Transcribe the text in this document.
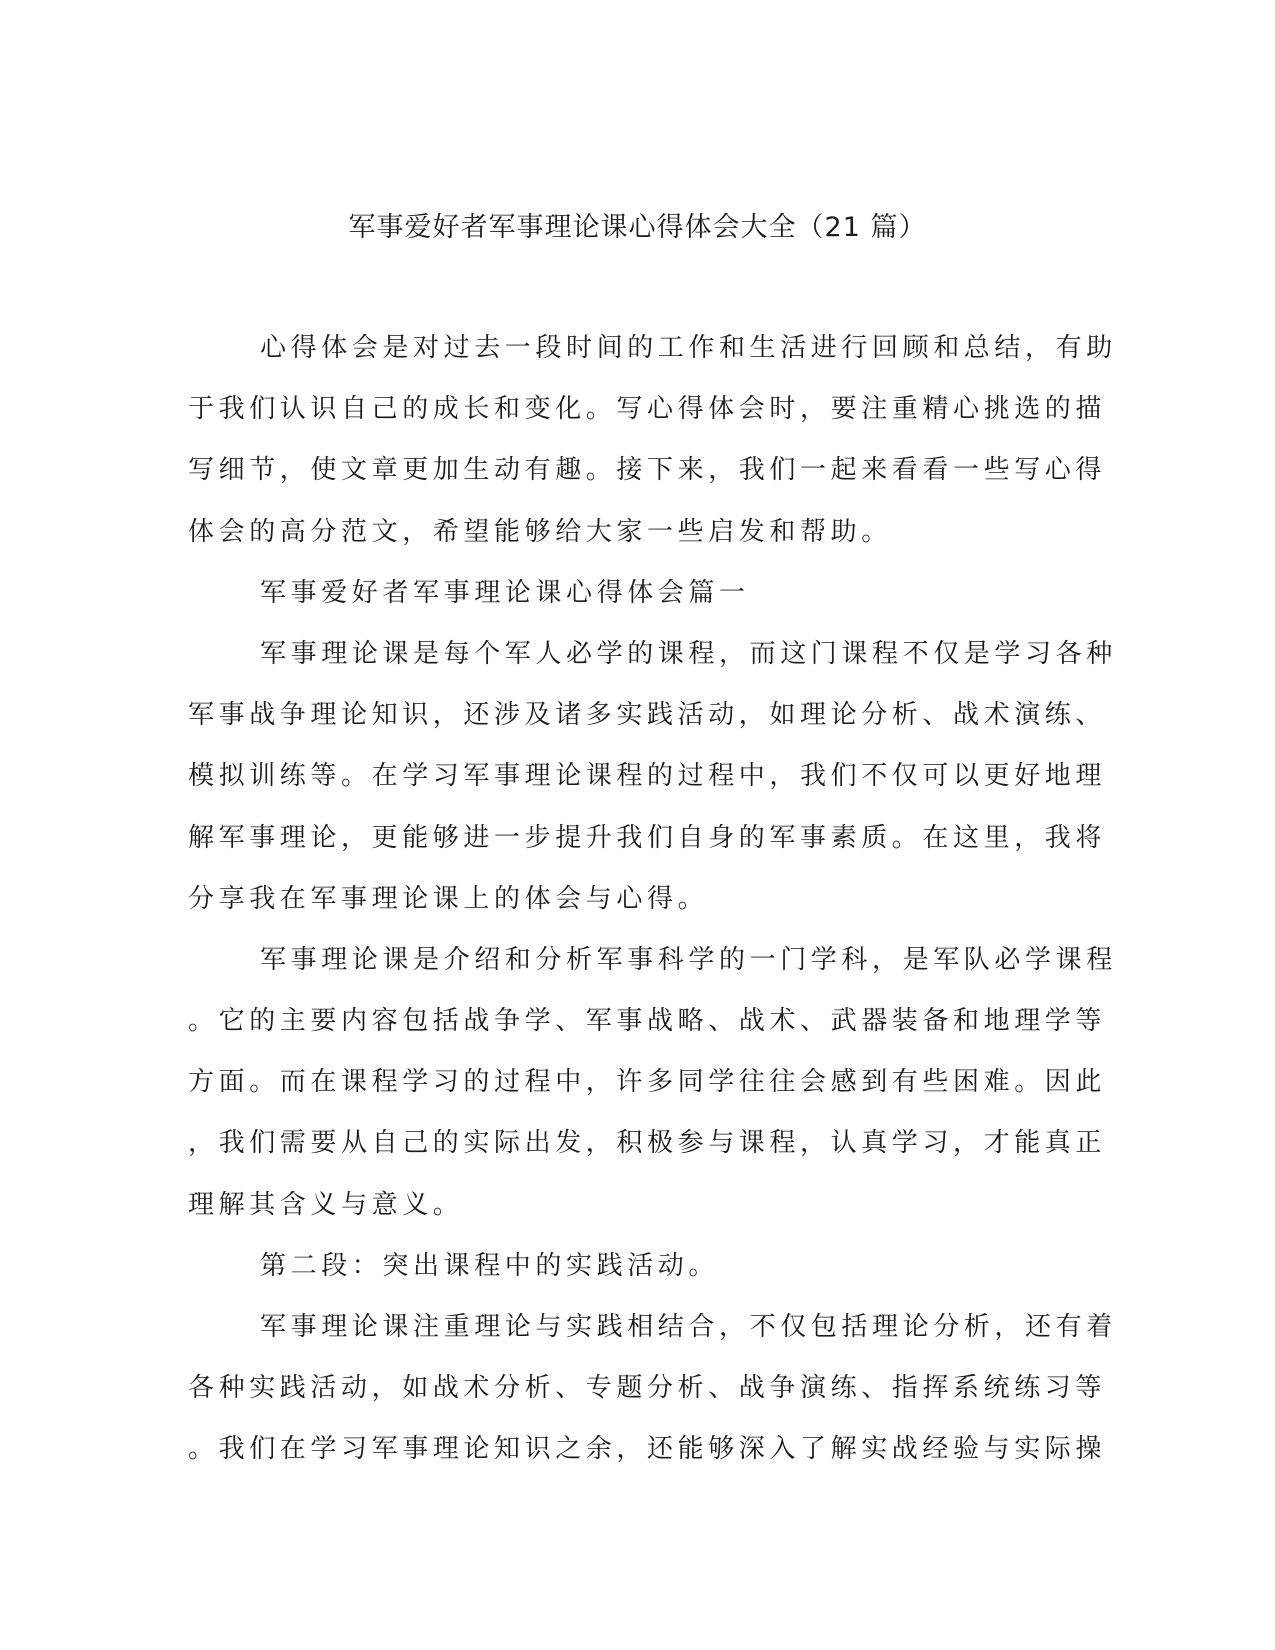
军事爱好者军事理论课心得体会大全（21 篇）
心得体会是对过去一段时间的工作和生活进行回顾和总结，有助
于我们认识自己的成长和变化。写心得体会时，要注重精心挑选的描
写细节，使文章更加生动有趣。接下来，我们一起来看看一些写心得
体会的高分范文，希望能够给大家一些启发和帮助。
军事爱好者军事理论课心得体会篇一
军事理论课是每个军人必学的课程，而这门课程不仅是学习各种
军事战争理论知识，还涉及诸多实践活动，如理论分析、战术演练、
模拟训练等。在学习军事理论课程的过程中，我们不仅可以更好地理
解军事理论，更能够进一步提升我们自身的军事素质。在这里，我将
分享我在军事理论课上的体会与心得。
军事理论课是介绍和分析军事科学的一门学科，是军队必学课程
。它的主要内容包括战争学、军事战略、战术、武器装备和地理学等
方面。而在课程学习的过程中，许多同学往往会感到有些困难。因此
，我们需要从自己的实际出发，积极参与课程，认真学习，才能真正
理解其含义与意义。
第二段：突出课程中的实践活动。
军事理论课注重理论与实践相结合，不仅包括理论分析，还有着
各种实践活动，如战术分析、专题分析、战争演练、指挥系统练习等
。我们在学习军事理论知识之余，还能够深入了解实战经验与实际操
